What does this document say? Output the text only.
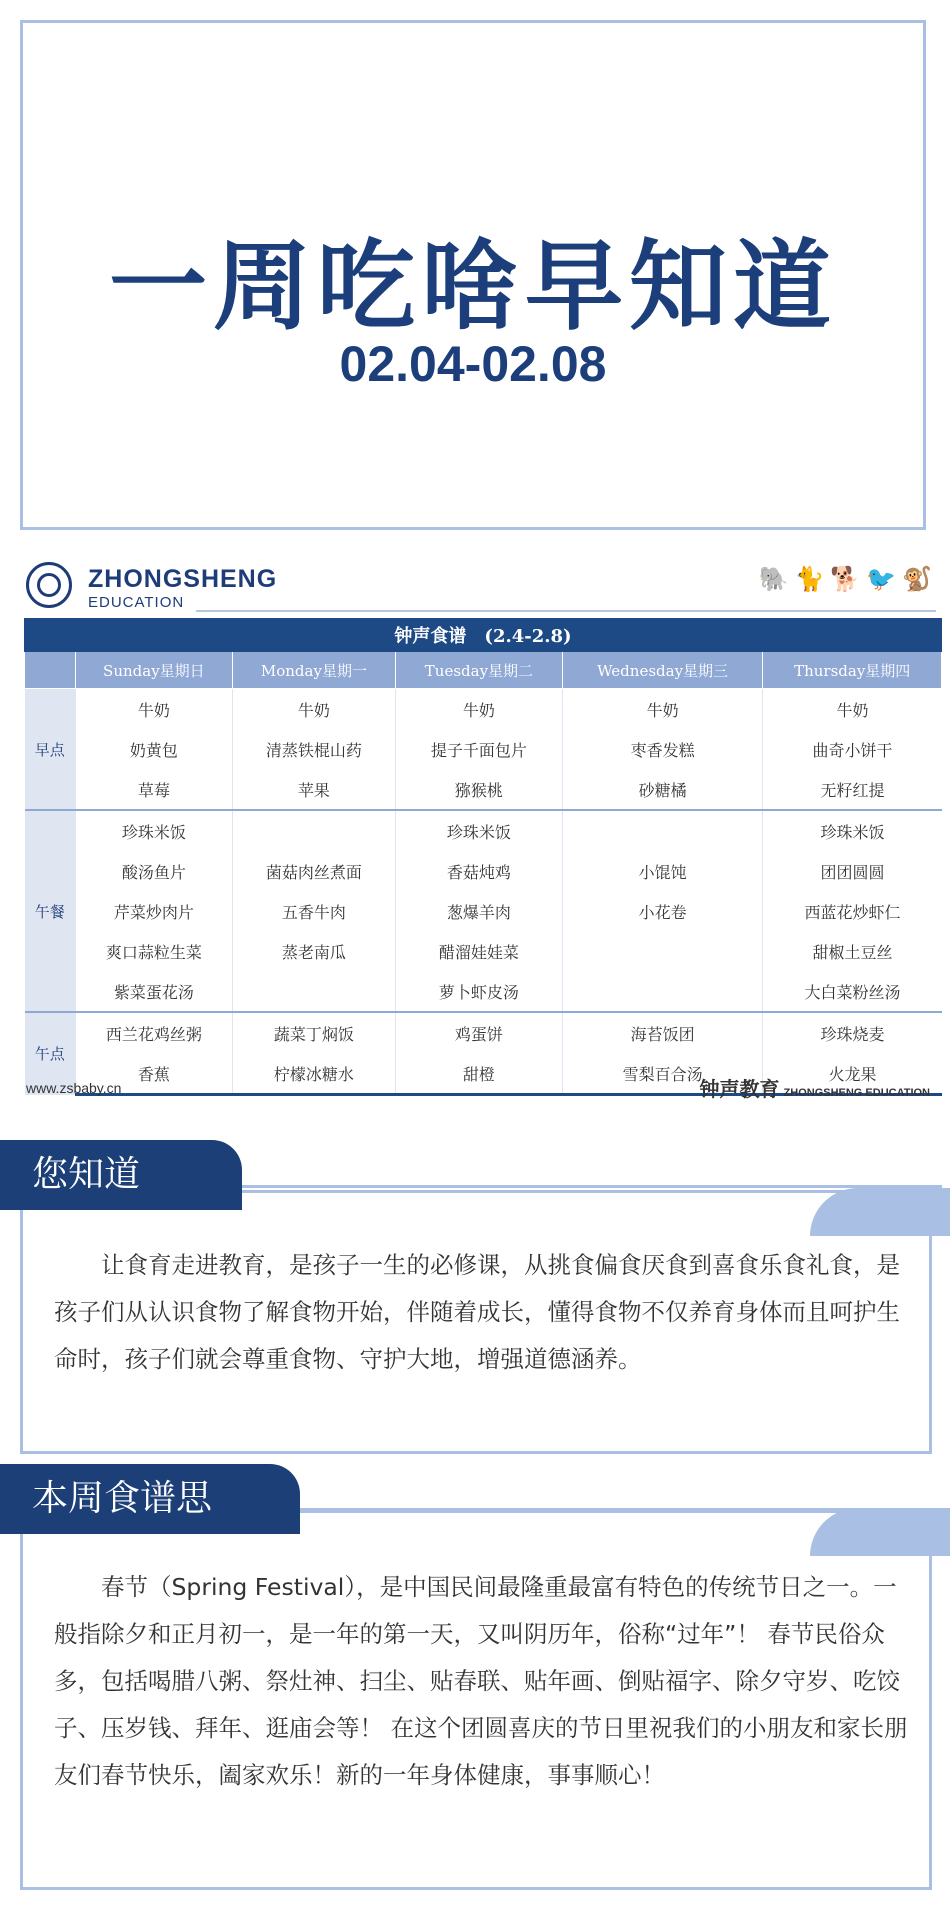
一周吃啥早知道
02.04-02.08
ZHONGSHENG
EDUCATION
🐘 🐈 🐕 🐦 🐒
钟声食谱　(2.4-2.8)					
	Sunday星期日	Monday星期一	Tuesday星期二	Wednesday星期三	Thursday星期四
早点	牛奶	牛奶	牛奶	牛奶	牛奶
	奶黄包	清蒸铁棍山药	提子千面包片	枣香发糕	曲奇小饼干
	草莓	苹果	猕猴桃	砂糖橘	无籽红提
午餐	珍珠米饭		珍珠米饭		珍珠米饭
	酸汤鱼片	菌菇肉丝煮面	香菇炖鸡	小馄饨	团团圆圆
	芹菜炒肉片	五香牛肉	葱爆羊肉	小花卷	西蓝花炒虾仁
	爽口蒜粒生菜	蒸老南瓜	醋溜娃娃菜		甜椒土豆丝
	紫菜蛋花汤		萝卜虾皮汤		大白菜粉丝汤
午点	西兰花鸡丝粥	蔬菜丁焖饭	鸡蛋饼	海苔饭团	珍珠烧麦
	香蕉	柠檬冰糖水	甜橙	雪梨百合汤	火龙果
www.zsbaby.cn	钟声教育 ZHONGSHENG EDUCATION
您知道吗？
让食育走进教育，是孩子一生的必修课，从挑食偏食厌食到喜食乐食礼食，是孩子们从认识食物了解食物开始，伴随着成长，懂得食物不仅养育身体而且呵护生命时，孩子们就会尊重食物、守护大地，增强道德涵养。
本周食谱思路：
春节（Spring Festival），是中国民间最隆重最富有特色的传统节日之一。一般指除夕和正月初一，是一年的第一天，又叫阴历年，俗称“过年”！ 春节民俗众多，包括喝腊八粥、祭灶神、扫尘、贴春联、贴年画、倒贴福字、除夕守岁、吃饺子、压岁钱、拜年、逛庙会等！ 在这个团圆喜庆的节日里祝我们的小朋友和家长朋友们春节快乐，阖家欢乐！新的一年身体健康，事事顺心！
